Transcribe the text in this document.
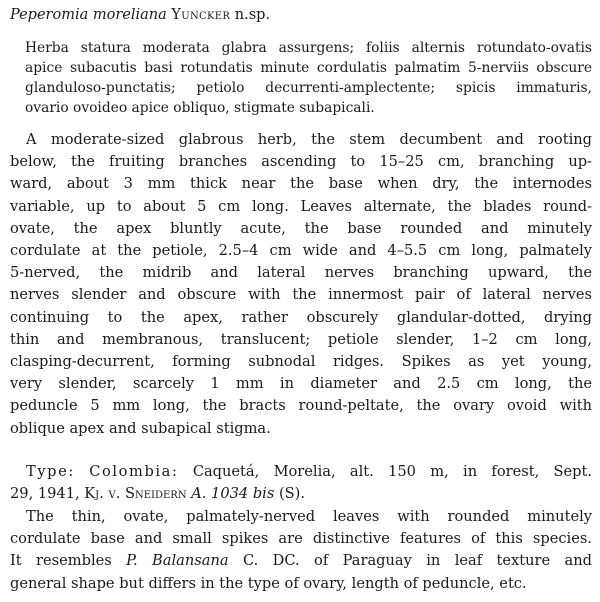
Peperomia moreliana Yuncker n.sp.
Herba statura moderata glabra assurgens; foliis alternis rotundato-ovatis
apice subacutis basi rotundatis minute cordulatis palmatim 5-nerviis obscure
glanduloso-punctatis; petiolo decurrenti-amplectente; spicis immaturis,
ovario ovoideo apice obliquo, stigmate subapicali.
A moderate-sized glabrous herb, the stem decumbent and rooting
below, the fruiting branches ascending to 15–25 cm, branching up-
ward, about 3 mm thick near the base when dry, the internodes
variable, up to about 5 cm long. Leaves alternate, the blades round-
ovate, the apex bluntly acute, the base rounded and minutely
cordulate at the petiole, 2.5–4 cm wide and 4–5.5 cm long, palmately
5-nerved, the midrib and lateral nerves branching upward, the
nerves slender and obscure with the innermost pair of lateral nerves
continuing to the apex, rather obscurely glandular-dotted, drying
thin and membranous, translucent; petiole slender, 1–2 cm long,
clasping-decurrent, forming subnodal ridges. Spikes as yet young,
very slender, scarcely 1 mm in diameter and 2.5 cm long, the
peduncle 5 mm long, the bracts round-peltate, the ovary ovoid with
oblique apex and subapical stigma.
Type: Colombia: Caquetá, Morelia, alt. 150 m, in forest, Sept.
29, 1941, Kj. v. Sneidern A. 1034 bis (S).
The thin, ovate, palmately-nerved leaves with rounded minutely
cordulate base and small spikes are distinctive features of this species.
It resembles P. Balansana C. DC. of Paraguay in leaf texture and
general shape but differs in the type of ovary, length of peduncle, etc.
